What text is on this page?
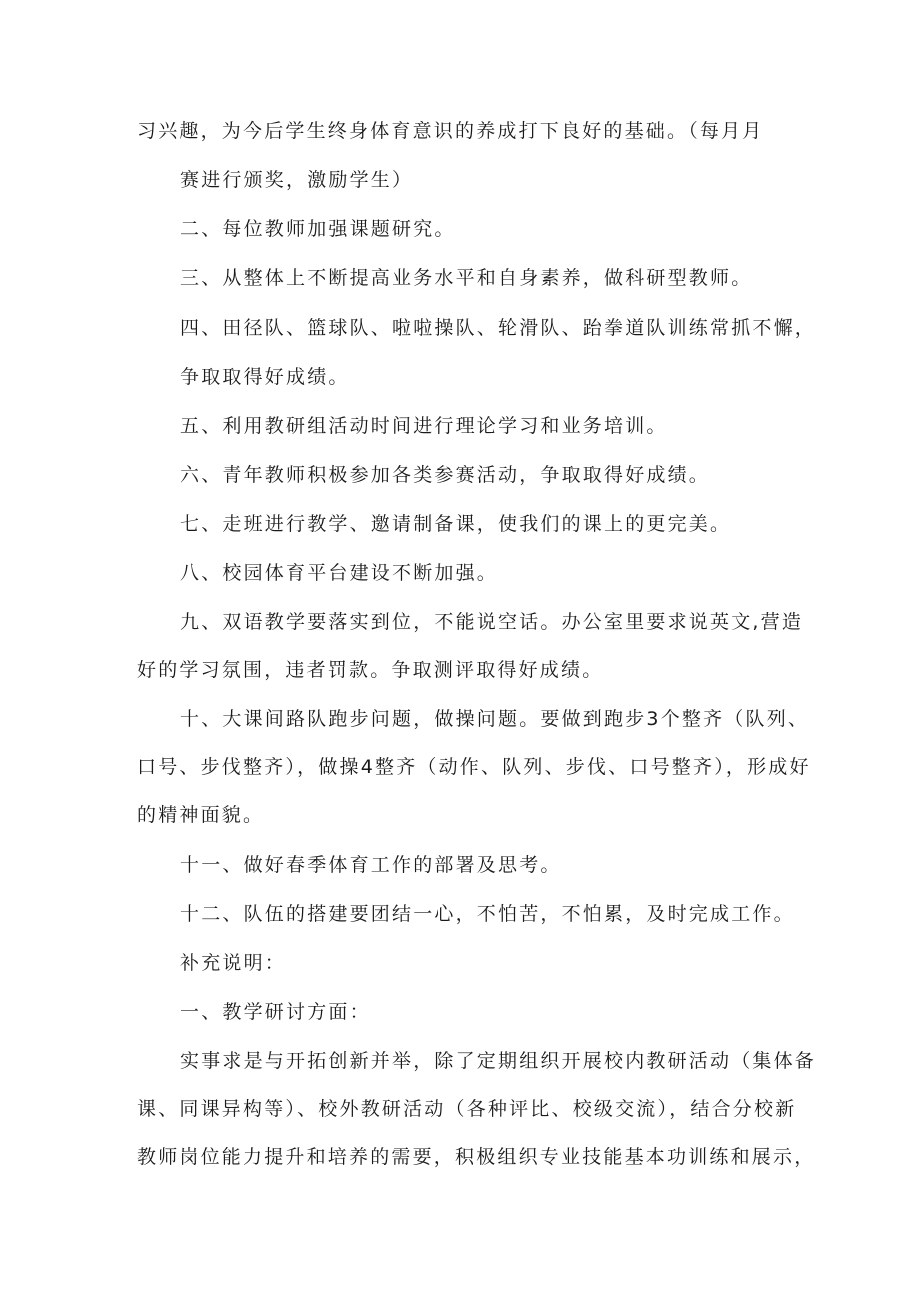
习兴趣，为今后学生终身体育意识的养成打下良好的基础。（每月月
赛进行颁奖，激励学生）
二、每位教师加强课题研究。
三、从整体上不断提高业务水平和自身素养，做科研型教师。
四、田径队、篮球队、啦啦操队、轮滑队、跆拳道队训练常抓不懈，
争取取得好成绩。
五、利用教研组活动时间进行理论学习和业务培训。
六、青年教师积极参加各类参赛活动，争取取得好成绩。
七、走班进行教学、邀请制备课，使我们的课上的更完美。
八、校园体育平台建设不断加强。
九、双语教学要落实到位，不能说空话。办公室里要求说英文,营造
好的学习氛围，违者罚款。争取测评取得好成绩。
十、大课间路队跑步问题，做操问题。要做到跑步3个整齐（队列、
口号、步伐整齐），做操4整齐（动作、队列、步伐、口号整齐），形成好
的精神面貌。
十一、做好春季体育工作的部署及思考。
十二、队伍的搭建要团结一心，不怕苦，不怕累，及时完成工作。
补充说明：
一、教学研讨方面：
实事求是与开拓创新并举，除了定期组织开展校内教研活动（集体备
课、同课异构等）、校外教研活动（各种评比、校级交流），结合分校新
教师岗位能力提升和培养的需要，积极组织专业技能基本功训练和展示，
